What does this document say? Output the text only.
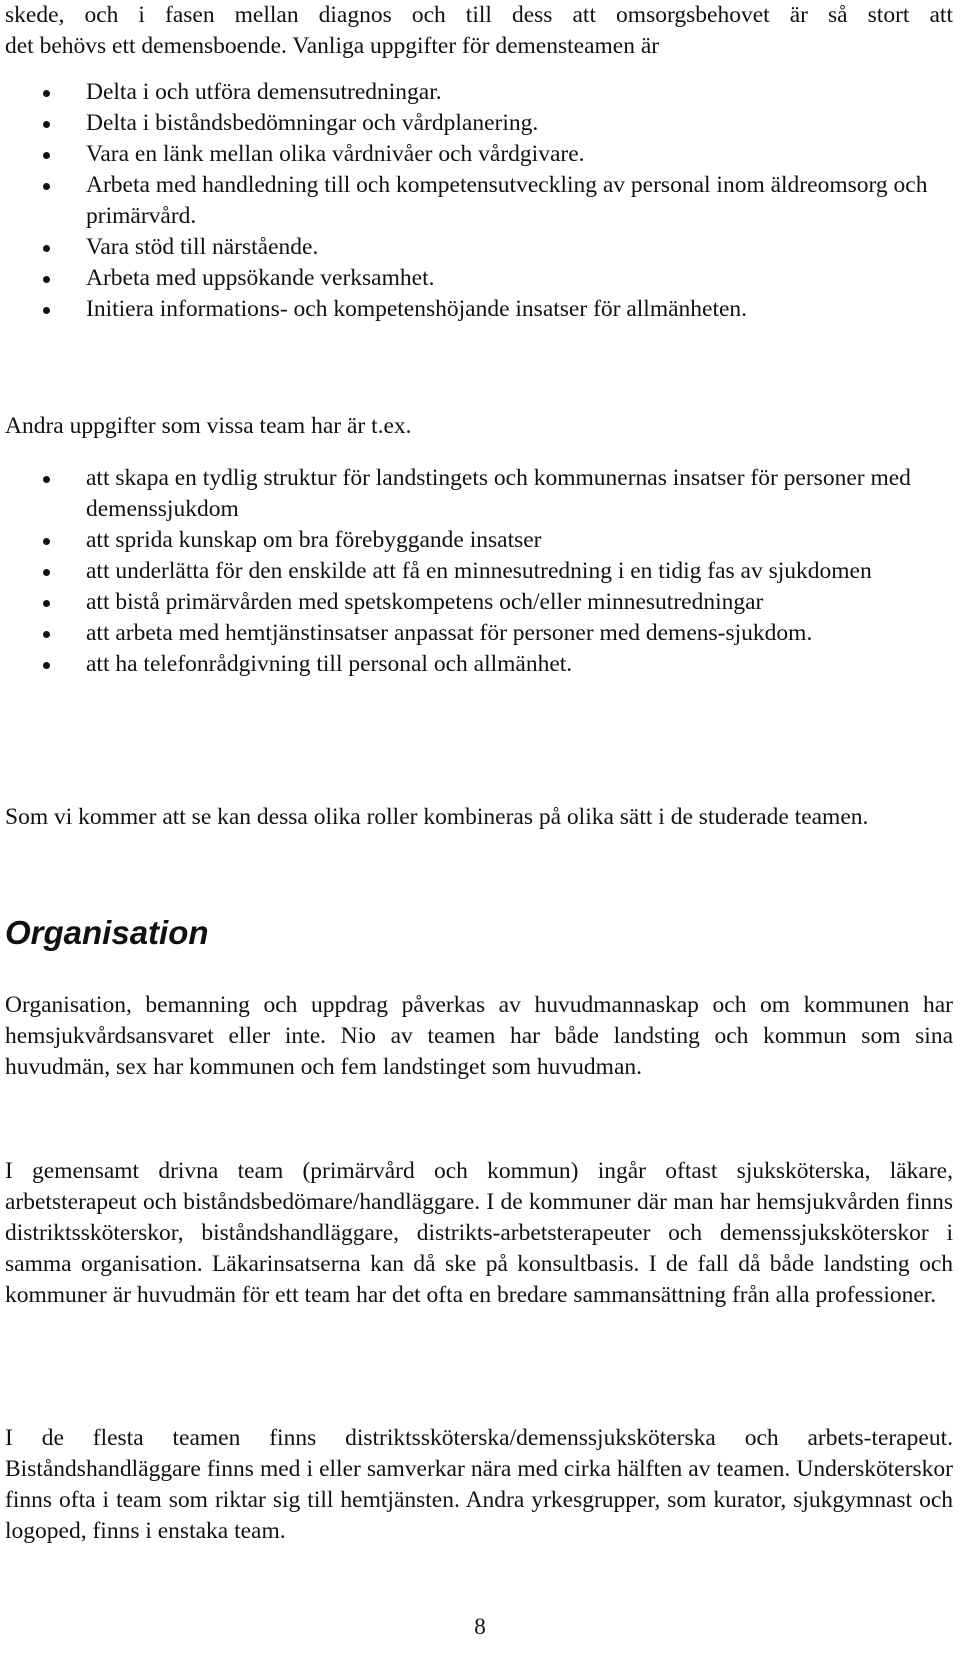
skede, och i fasen mellan diagnos och till dess att omsorgsbehovet är så stort att
det behövs ett demensboende. Vanliga uppgifter för demensteamen är

Delta i och utföra demensutredningar.
Delta i biståndsbedömningar och vårdplanering.
Vara en länk mellan olika vårdnivåer och vårdgivare.
Arbeta med handledning till och kompetensutveckling av personal inom äldreomsorg och primärvård.
Vara stöd till närstående.
Arbeta med uppsökande verksamhet.
Initiera informations- och kompetenshöjande insatser för allmänheten.

Andra uppgifter som vissa team har är t.ex.

att skapa en tydlig struktur för landstingets och kommunernas insatser för personer med demenssjukdom
att sprida kunskap om bra förebyggande insatser
att underlätta för den enskilde att få en minnesutredning i en tidig fas av sjukdomen
att bistå primärvården med spetskompetens och/eller minnesutredningar
att arbeta med hemtjänstinsatser anpassat för personer med demens-sjukdom.
att ha telefonrådgivning till personal och allmänhet.

Som vi kommer att se kan dessa olika roller kombineras på olika sätt i de studerade teamen.

Organisation

Organisation, bemanning och uppdrag påverkas av huvudmannaskap och om kommunen har hemsjukvårdsansvaret eller inte. Nio av teamen har både landsting och kommun som sina huvudmän, sex har kommunen och fem landstinget som huvudman.

I gemensamt drivna team (primärvård och kommun) ingår oftast sjuksköterska, läkare, arbetsterapeut och biståndsbedömare/handläggare. I de kommuner där man har hemsjukvården finns distriktssköterskor, biståndshandläggare, distrikts-arbetsterapeuter och demenssjuksköterskor i samma organisation. Läkarinsatserna kan då ske på konsultbasis. I de fall då både landsting och kommuner är huvudmän för ett team har det ofta en bredare sammansättning från alla professioner.

I de flesta teamen finns distriktssköterska/demenssjuksköterska och arbets-terapeut. Biståndshandläggare finns med i eller samverkar nära med cirka hälften av teamen. Undersköterskor finns ofta i team som riktar sig till hemtjänsten. Andra yrkesgrupper, som kurator, sjukgymnast och logoped, finns i enstaka team.

8
